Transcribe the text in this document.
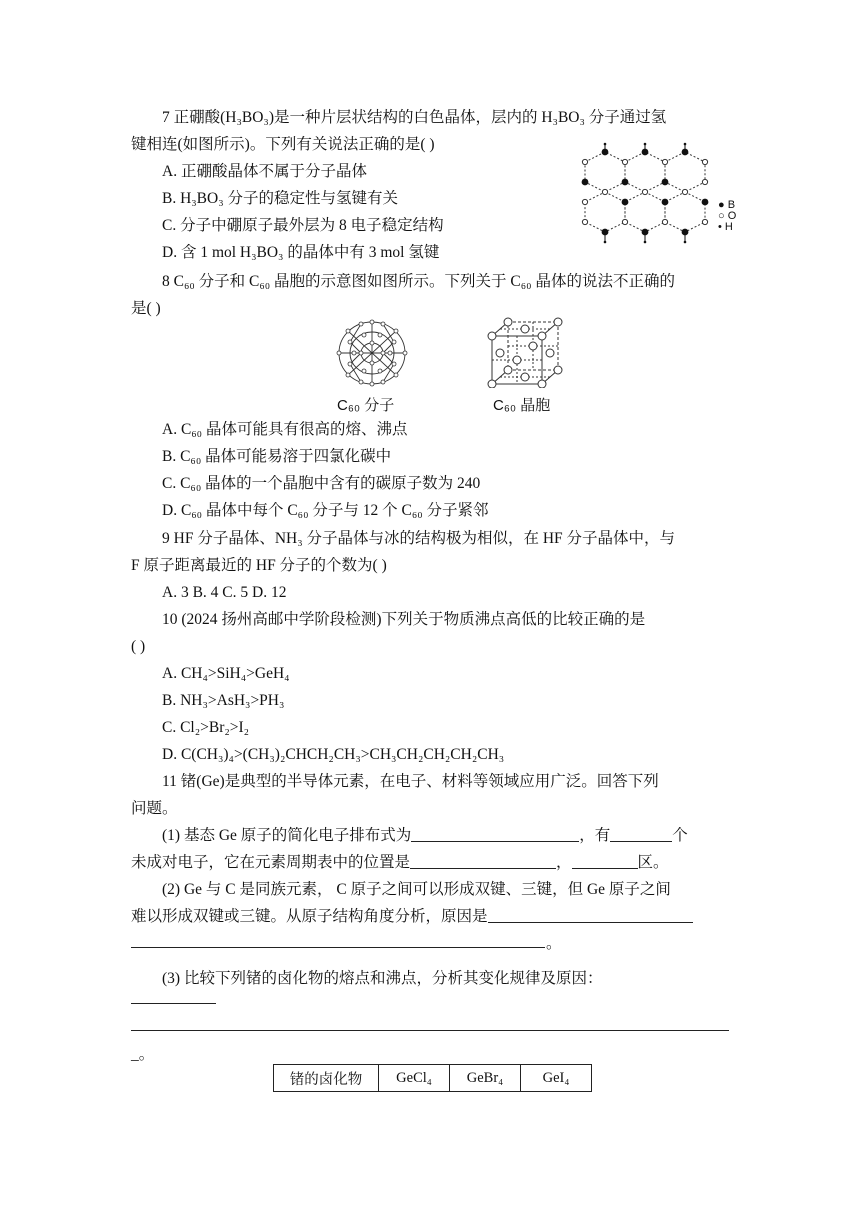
7 正硼酸(H₃BO₃)是一种片层状结构的白色晶体，层内的 H₃BO₃ 分子通过氢
键相连(如图所示)。下列有关说法正确的是( )
A. 正硼酸晶体不属于分子晶体
B. H₃BO₃ 分子的稳定性与氢键有关
C. 分子中硼原子最外层为 8 电子稳定结构
D. 含 1 mol H₃BO₃ 的晶体中有 3 mol 氢键
● B
○ O
• H
8 C₆₀ 分子和 C₆₀ 晶胞的示意图如图所示。下列关于 C₆₀ 晶体的说法不正确的
是( )
C₆₀ 分子	C₆₀ 晶胞
A. C₆₀ 晶体可能具有很高的熔、沸点
B. C₆₀ 晶体可能易溶于四氯化碳中
C. C₆₀ 晶体的一个晶胞中含有的碳原子数为 240
D. C₆₀ 晶体中每个 C₆₀ 分子与 12 个 C₆₀ 分子紧邻
9 HF 分子晶体、NH₃ 分子晶体与冰的结构极为相似，在 HF 分子晶体中，与
F 原子距离最近的 HF 分子的个数为( )
A. 3 B. 4 C. 5 D. 12
10 (2024 扬州高邮中学阶段检测)下列关于物质沸点高低的比较正确的是
( )
A. CH₄>SiH₄>GeH₄
B. NH₃>AsH₃>PH₃
C. Cl₂>Br₂>I₂
D. C(CH₃)₄>(CH₃)₂CHCH₂CH₃>CH₃CH₂CH₂CH₂CH₃
11 锗(Ge)是典型的半导体元素，在电子、材料等领域应用广泛。回答下列
问题。
(1) 基态 Ge 原子的简化电子排布式为	，有	个
未成对电子，它在元素周期表中的位置是	，	区。
(2) Ge 与 C 是同族元素， C 原子之间可以形成双键、三键，但 Ge 原子之间
难以形成双键或三键。从原子结构角度分析，原因是
。
(3) 比较下列锗的卤化物的熔点和沸点，分析其变化规律及原因：
_。
锗的卤化物	GeCl₄	GeBr₄	GeI₄
